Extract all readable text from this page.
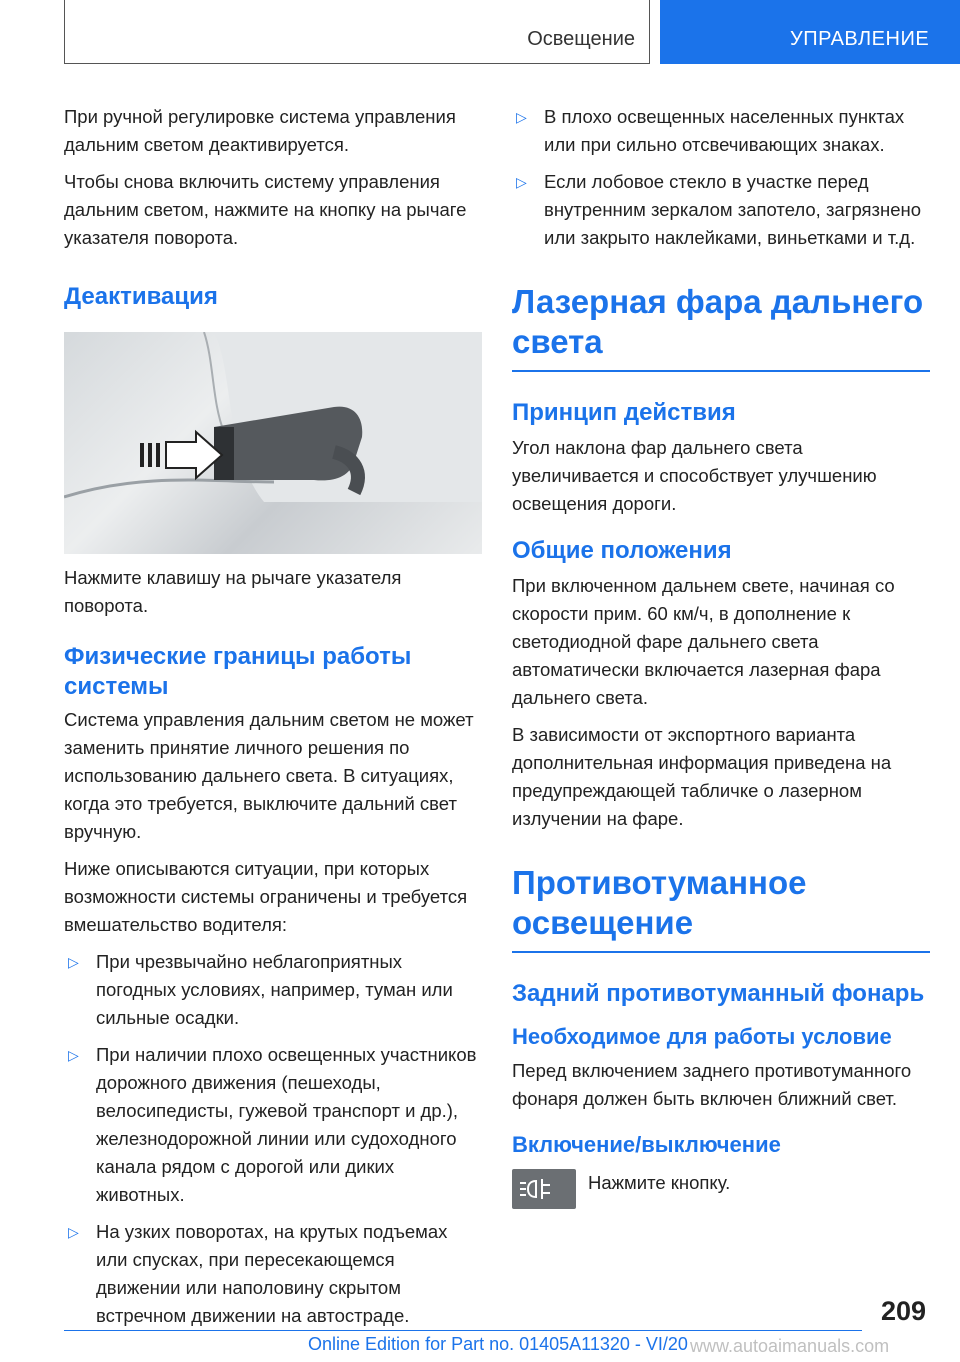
Освещение	УПРАВЛЕНИЕ

При ручной регулировке система управления дальним светом деактивируется.

Чтобы снова включить систему управления дальним светом, нажмите на кнопку на рычаге указателя поворота.

Деактивация

Нажмите клавишу на рычаге указателя поворота.

Физические границы работы системы

Система управления дальним светом не может заменить принятие личного решения по использованию дальнего света. В ситуациях, когда это требуется, выключите дальний свет вручную.

Ниже описываются ситуации, при которых возможности системы ограничены и требуется вмешательство водителя:

▷ При чрезвычайно неблагоприятных погодных условиях, например, туман или сильные осадки.
▷ При наличии плохо освещенных участников дорожного движения (пешеходы, велосипедисты, гужевой транспорт и др.), железнодорожной линии или судоходного канала рядом с дорогой или диких животных.
▷ На узких поворотах, на крутых подъемах или спусках, при пересекающемся движении или наполовину скрытом встречном движении на автостраде.
▷ В плохо освещенных населенных пунктах или при сильно отсвечивающих знаках.
▷ Если лобовое стекло в участке перед внутренним зеркалом запотело, загрязнено или закрыто наклейками, виньетками и т.д.
Лазерная фара дальнего света
Принцип действия

Угол наклона фар дальнего света увеличивается и способствует улучшению освещения дороги.

Общие положения

При включенном дальнем свете, начиная со скорости прим. 60 км/ч, в дополнение к светодиодной фаре дальнего света автоматически включается лазерная фара дальнего света.

В зависимости от экспортного варианта дополнительная информация приведена на предупреждающей табличке о лазерном излучении на фаре.

Противотуманное освещение
Задний противотуманный фонарь
Необходимое для работы условие

Перед включением заднего противотуманного фонаря должен быть включен ближний свет.

Включение/выключение

Нажмите кнопку.

209
Online Edition for Part no. 01405A11320 - VI/20 www.autoaimanuals.com
